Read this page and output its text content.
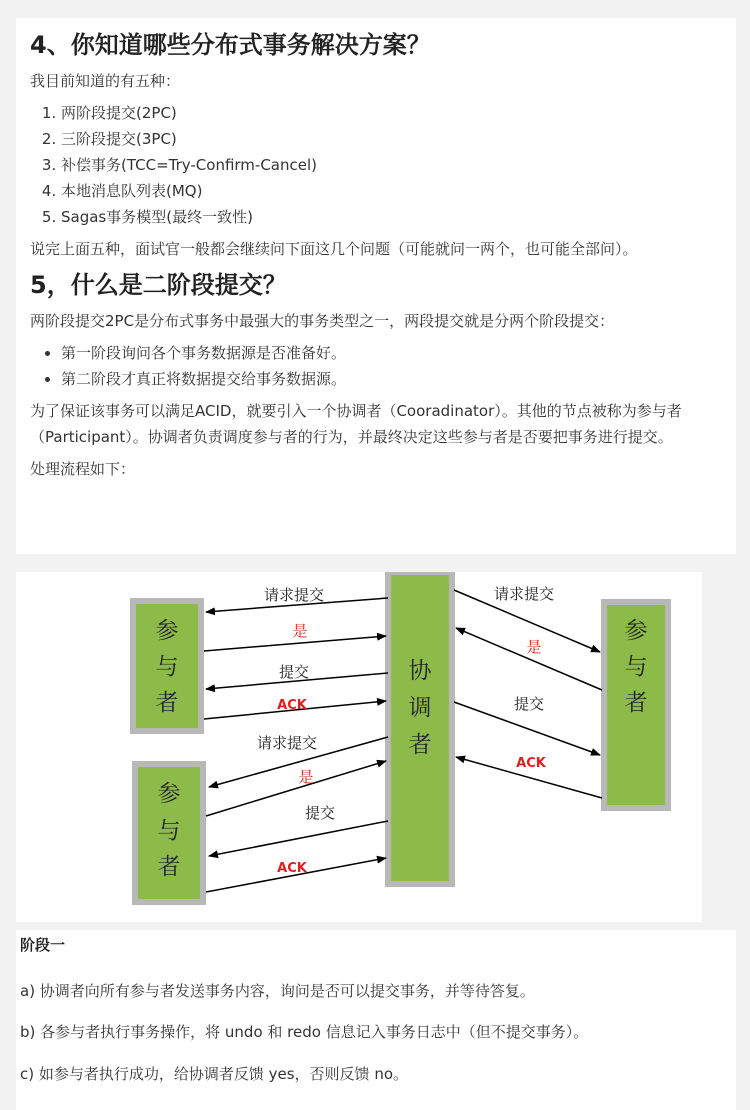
4、你知道哪些分布式事务解决方案？

我目前知道的有五种：

1. 两阶段提交(2PC)
2. 三阶段提交(3PC)
3. 补偿事务(TCC=Try-Confirm-Cancel)
4. 本地消息队列表(MQ)
5. Sagas事务模型(最终一致性)

说完上面五种，面试官一般都会继续问下面这几个问题（可能就问一两个，也可能全部问）。

5，什么是二阶段提交？

两阶段提交2PC是分布式事务中最强大的事务类型之一，两段提交就是分两个阶段提交：

• 第一阶段询问各个事务数据源是否准备好。
• 第二阶段才真正将数据提交给事务数据源。

为了保证该事务可以满足ACID，就要引入一个协调者（Cooradinator）。其他的节点被称为参与者

（Participant）。协调者负责调度参与者的行为，并最终决定这些参与者是否要把事务进行提交。

处理流程如下：

参
与
者
参
与
者
协
调
者
参
与
者
请求提交
是
提交
ACK
请求提交
是
提交
ACK
请求提交
是
提交
ACK
阶段一
a) 协调者向所有参与者发送事务内容，询问是否可以提交事务，并等待答复。
b) 各参与者执行事务操作，将 undo 和 redo 信息记入事务日志中（但不提交事务）。
c) 如参与者执行成功，给协调者反馈 yes，否则反馈 no。
